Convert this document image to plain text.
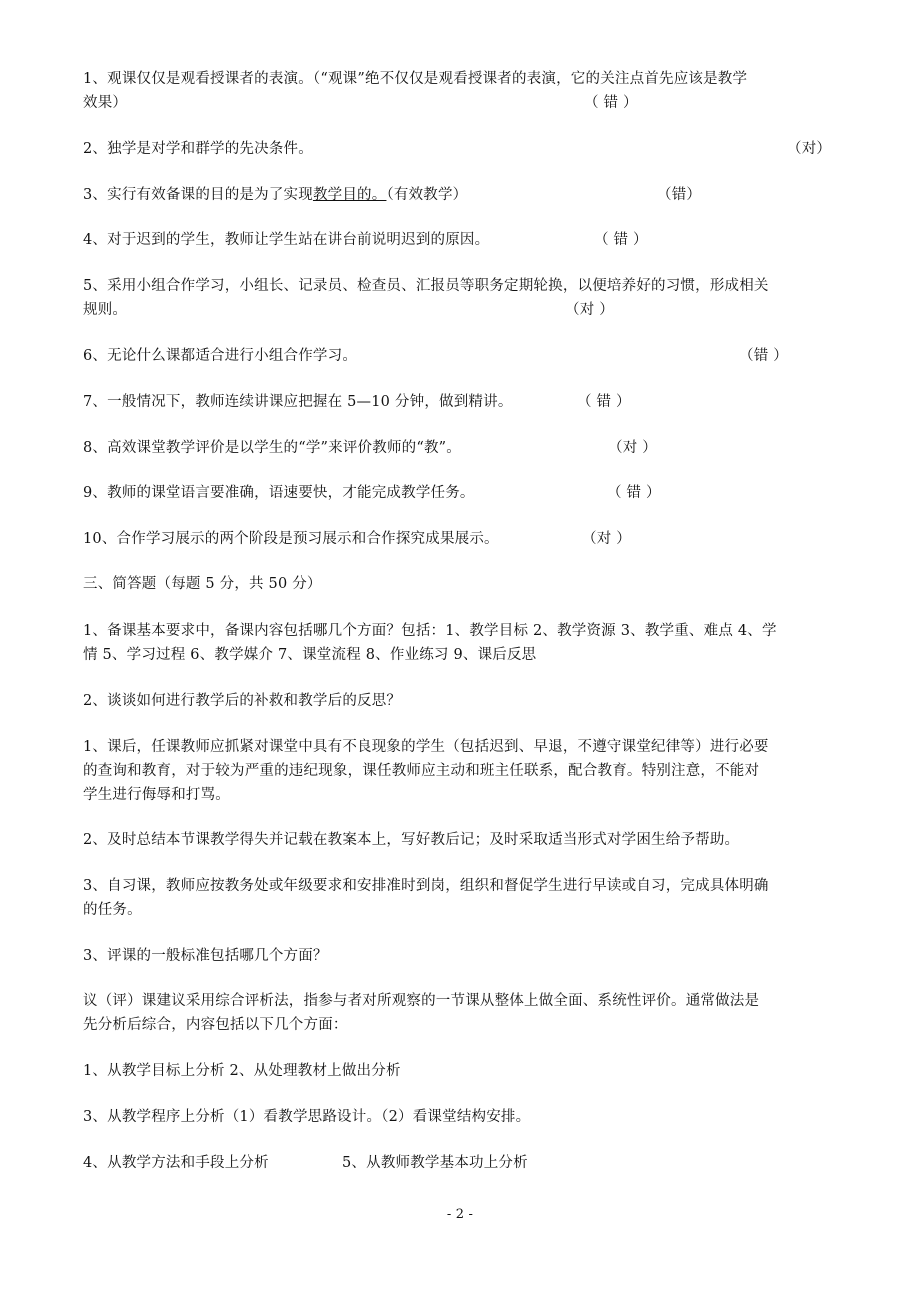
1、观课仅仅是观看授课者的表演。（“观课”绝不仅仅是观看授课者的表演，它的关注点首先应该是教学
效果）	（ 错 ）
2、独学是对学和群学的先决条件。	（对）
3、实行有效备课的目的是为了实现教学目的。（有效教学）	（错）
4、对于迟到的学生，教师让学生站在讲台前说明迟到的原因。	（ 错 ）
5、采用小组合作学习，小组长、记录员、检查员、汇报员等职务定期轮换，以便培养好的习惯，形成相关
规则。	（对 ）
6、无论什么课都适合进行小组合作学习。	（错 ）
7、一般情况下，教师连续讲课应把握在 5—10 分钟，做到精讲。	（ 错 ）
8、高效课堂教学评价是以学生的“学”来评价教师的“教”。	（对 ）
9、教师的课堂语言要准确，语速要快，才能完成教学任务。	（ 错 ）
10、合作学习展示的两个阶段是预习展示和合作探究成果展示。	（对 ）
三、简答题（每题 5 分，共 50 分）
1、备课基本要求中，备课内容包括哪几个方面？包括：1、教学目标 2、教学资源 3、教学重、难点 4、学
情 5、学习过程 6、教学媒介 7、课堂流程 8、作业练习 9、课后反思
2、谈谈如何进行教学后的补救和教学后的反思？
1、课后，任课教师应抓紧对课堂中具有不良现象的学生（包括迟到、早退，不遵守课堂纪律等）进行必要
的查询和教育，对于较为严重的违纪现象，课任教师应主动和班主任联系，配合教育。特别注意，不能对
学生进行侮辱和打骂。
2、及时总结本节课教学得失并记载在教案本上，写好教后记；及时采取适当形式对学困生给予帮助。
3、自习课，教师应按教务处或年级要求和安排准时到岗，组织和督促学生进行早读或自习，完成具体明确
的任务。
3、评课的一般标准包括哪几个方面？
议（评）课建议采用综合评析法，指参与者对所观察的一节课从整体上做全面、系统性评价。通常做法是
先分析后综合，内容包括以下几个方面：
1、从教学目标上分析 2、从处理教材上做出分析
3、从教学程序上分析（1）看教学思路设计。（2）看课堂结构安排。
4、从教学方法和手段上分析	5、从教师教学基本功上分析
- 2 -
